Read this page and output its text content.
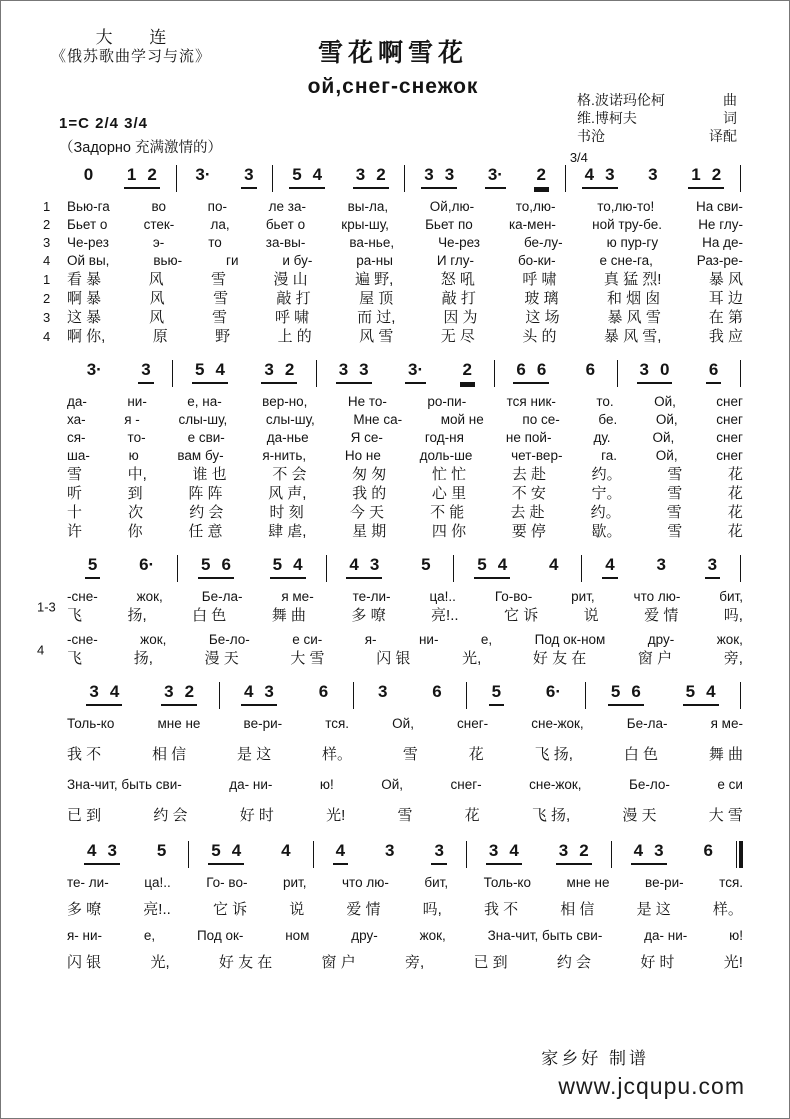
大 连
《俄苏歌曲学习与流》	雪花啊雪花
ой,снег-снежок
格.波诺玛伦柯	曲
维.博柯夫	词
书沧	译配
1=C 2/4 3/4
（Задорно 充满激情的）
0 1 2 3· 3 5 4 3 2 3 3 3· 2
3/4
4 3 3 1 2
1	Вью-га	во	по-	ле за-	вы-ла,	Ой,лю-	то,лю-	то,лю-то!	На сви-
2	Бьет о	стек-	ла,	бьет о	кры-шу,	Бьет по	ка-мен-	ной тру-бе.	Не глу-
3	Че-рез	э-	то	за-вы-	ва-нье,	Че-рез	бе-лу-	ю пур-гу	На де-
4	Ой вы,	вью-	ги	и бу-	ра-ны	И глу-	бо-ки-	е сне-га,	Раз-ре-
1	看 暴	风	雪	漫 山	遍 野,	怒 吼	呼 啸	真 猛 烈!	暴 风
2	啊 暴	风	雪	敲 打	屋 顶	敲 打	玻 璃	和 烟 囱	耳 边
3	这 暴	风	雪	呼 啸	而 过,	因 为	这 场	暴 风 雪	在 第
4	啊 你,	原	野	上 的	风 雪	无 尽	头 的	暴 风 雪,	我 应
3· 3	5 4 3 2	3 3 3· 2	6 6 6	3 0 6
да-	ни-	е, на-	вер-но,	Не то-	ро-пи-	тся ник-	то.	Ой,	снег
ха-	я -	слы-шу,	слы-шу,	Мне са-	мой не	по се-	бе.	Ой,	снег
ся-	то-	е сви-	да-нье	Я се-	год-ня	не пой-	ду.	Ой,	снег
ша-	ю	вам бу-	я-нить,	Но не	доль-ше	чет-вер-	га.	Ой,	снег
雪	中,	谁 也	不 会	匆 匆	忙 忙	去 赴	约。	雪	花
听	到	阵 阵	风 声,	我 的	心 里	不 安	宁。	雪	花
十	次	约 会	时 刻	今 天	不 能	去 赴	约。	雪	花
许	你	任 意	肆 虐,	星 期	四 你	要 停	歇。	雪	花
5 6·	5 6 5 4	4 3 5	5 4 4	4 3 3
1-3
-сне-	жок,	Бе-ла-	я ме-	те-ли-	ца!..	Го-во-	рит,	что лю-	бит,
飞	扬,	白 色	舞 曲	多 嘹	亮!..	它 诉	说	爱 情	吗,
4
-сне-	жок,	Бе-ло-	е си-	я-	ни-	е,	Под ок-ном	дру-	жок,
飞	扬,	漫 天	大 雪	闪 银	光,	好 友 在	窗 户	旁,
3 4	3 2	4 3	6	3	6	5	6·	5 6	5 4
Толь-ко	мне не	ве-ри-	тся.	Ой,	снег-	сне-жок,	Бе-ла-	я ме-
我 不	相 信	是 这	样。	雪	花	飞 扬,	白 色	舞 曲
Зна-чит, быть сви-	да- ни-	ю!	Ой,	снег-	сне-жок,	Бе-ло-	е си
已 到	约 会	好 时	光!	雪	花	飞 扬,	漫 天	大 雪
4 3 5	5 4 4	4 3 3	3 4 3 2	4 3 6
те- ли-	ца!..	Го- во-	рит,	что лю-	бит,	Толь-ко	мне не	ве-ри-	тся.
多 嘹	亮!..	它 诉	说	爱 情	吗,	我 不	相 信	是 这	样。
я- ни-	е,	Под ок-	ном	дру-	жок,	Зна-чит, быть сви-	да- ни-	ю!
闪 银	光,	好 友 在	窗 户	旁,	已 到	约 会	好 时	光!
家乡好 制谱
www.jcqupu.com
